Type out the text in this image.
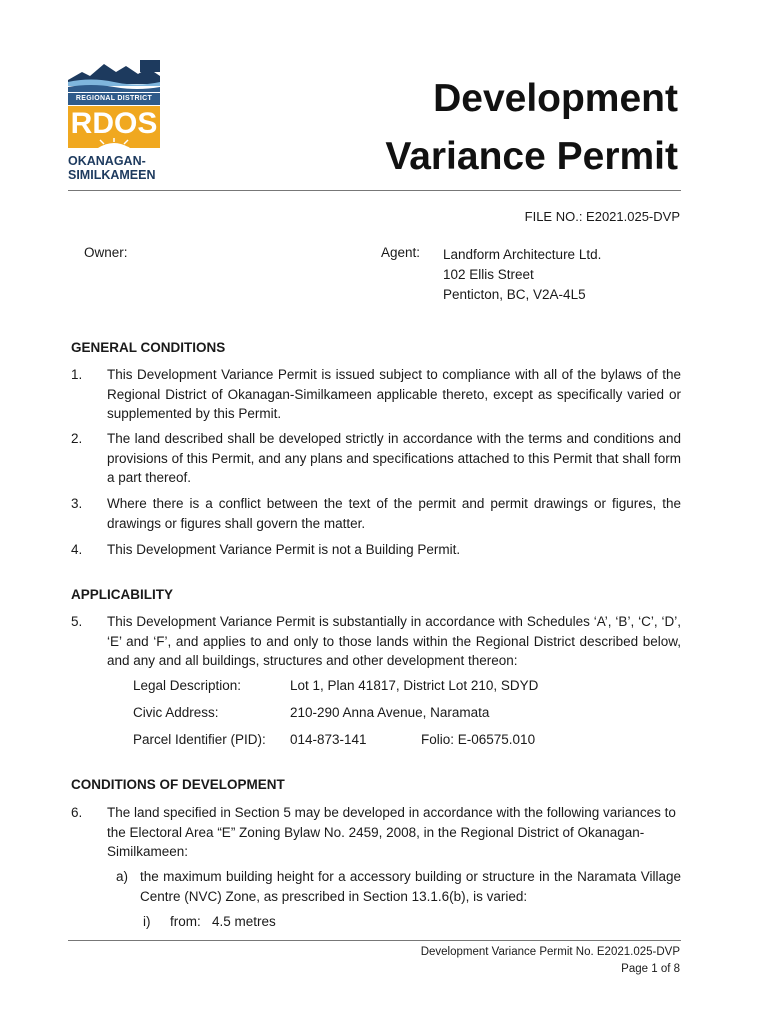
REGIONAL DISTRICT
RDOS
OKANAGAN-
SIMILKAMEEN
Development
Variance Permit
FILE NO.: E2021.025-DVP
Owner:	Agent: Landform Architecture Ltd.
102 Ellis Street
Penticton, BC, V2A-4L5
GENERAL CONDITIONS
1. This Development Variance Permit is issued subject to compliance with all of the bylaws of the Regional District of Okanagan-Similkameen applicable thereto, except as specifically varied or supplemented by this Permit.
2. The land described shall be developed strictly in accordance with the terms and conditions and provisions of this Permit, and any plans and specifications attached to this Permit that shall form a part thereof.
3. Where there is a conflict between the text of the permit and permit drawings or figures, the drawings or figures shall govern the matter.
4. This Development Variance Permit is not a Building Permit.
APPLICABILITY
5. This Development Variance Permit is substantially in accordance with Schedules ‘A’, ‘B’, ‘C’, ‘D’, ‘E’ and ‘F’, and applies to and only to those lands within the Regional District described below, and any and all buildings, structures and other development thereon:
Legal Description:	Lot 1, Plan 41817, District Lot 210, SDYD
Civic Address:	210-290 Anna Avenue, Naramata
Parcel Identifier (PID): 014-873-141	Folio: E-06575.010
CONDITIONS OF DEVELOPMENT
6. The land specified in Section 5 may be developed in accordance with the following variances to the Electoral Area “E” Zoning Bylaw No. 2459, 2008, in the Regional District of Okanagan-Similkameen:
a) the maximum building height for a accessory building or structure in the Naramata Village Centre (NVC) Zone, as prescribed in Section 13.1.6(b), is varied:
i) from:   4.5 metres
Development Variance Permit No. E2021.025-DVP
Page 1 of 8
